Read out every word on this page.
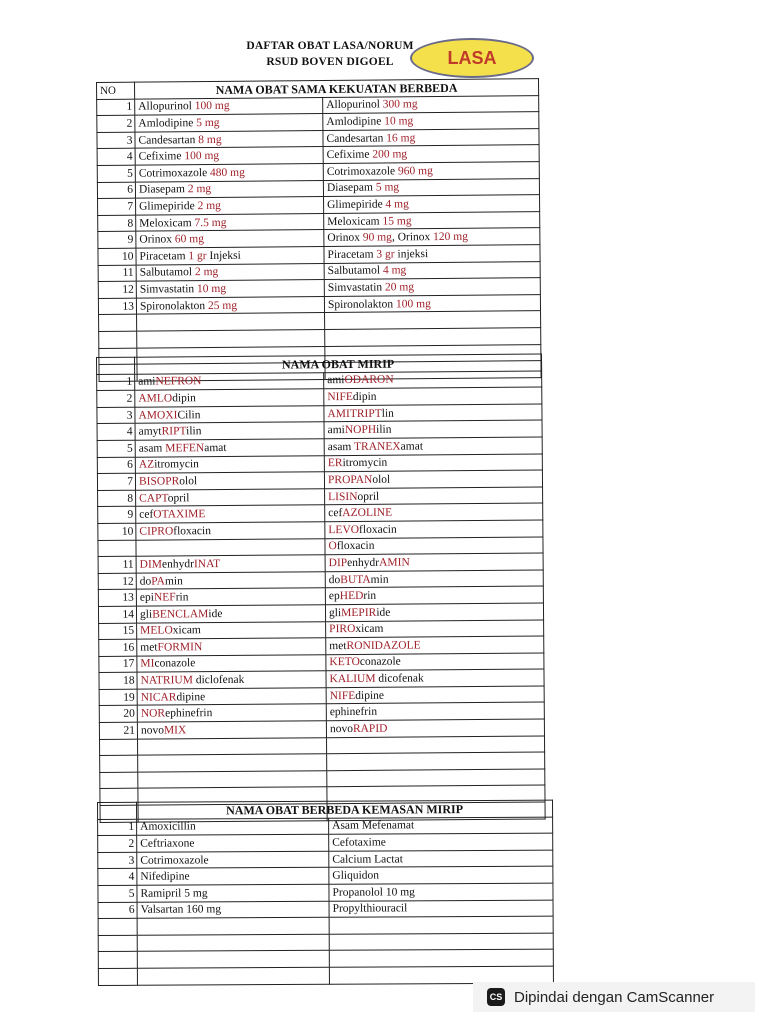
DAFTAR OBAT LASA/NORUM
RSUD BOVEN DIGOEL	LASA
NO	NAMA OBAT SAMA KEKUATAN BERBEDA	
1	Allopurinol 100 mg	Allopurinol 300 mg
2	Amlodipine 5 mg	Amlodipine 10 mg
3	Candesartan 8 mg	Candesartan 16 mg
4	Cefixime 100 mg	Cefixime 200 mg
5	Cotrimoxazole 480 mg	Cotrimoxazole 960 mg
6	Diasepam 2 mg	Diasepam 5 mg
7	Glimepiride 2 mg	Glimepiride 4 mg
8	Meloxicam 7.5 mg	Meloxicam 15 mg
9	Orinox 60 mg	Orinox 90 mg, Orinox 120 mg
10	Piracetam 1 gr Injeksi	Piracetam 3 gr injeksi
11	Salbutamol 2 mg	Salbutamol 4 mg
12	Simvastatin 10 mg	Simvastatin 20 mg
13	Spironolakton 25 mg	Spironolakton 100 mg

	NAMA OBAT MIRIP	
1	amiNEFRON	amiODARON
2	AMLOdipin	NIFEdipin
3	AMOXICilin	AMITRIPTlin
4	amytRIPTilin	amiNOPHilin
5	asam MEFENamat	asam TRANEXamat
6	AZitromycin	ERitromycin
7	BISOPRolol	PROPANolol
8	CAPTopril	LISINopril
9	cefOTAXIME	cefAZOLINE
10	CIPROfloxacin	LEVOfloxacin
		Ofloxacin
11	DIMenhydrINAT	DIPenhydrAMIN
12	doPAmin	doBUTAmin
13	epiNEFrin	epHEDrin
14	gliBENCLAMide	gliMEPIRide
15	MELOxicam	PIROxicam
16	metFORMIN	metRONIDAZOLE
17	MIconazole	KETOconazole
18	NATRIUM diclofenak	KALIUM dicofenak
19	NICARdipine	NIFEdipine
20	NORephinefrin	ephinefrin
21	novoMIX	novoRAPID

	NAMA OBAT BERBEDA KEMASAN MIRIP	
1	Amoxicillin	Asam Mefenamat
2	Ceftriaxone	Cefotaxime
3	Cotrimoxazole	Calcium Lactat
4	Nifedipine	Gliquidon
5	Ramipril 5 mg	Propanolol 10 mg
6	Valsartan 160 mg	Propylthiouracil

CS Dipindai dengan CamScanner
